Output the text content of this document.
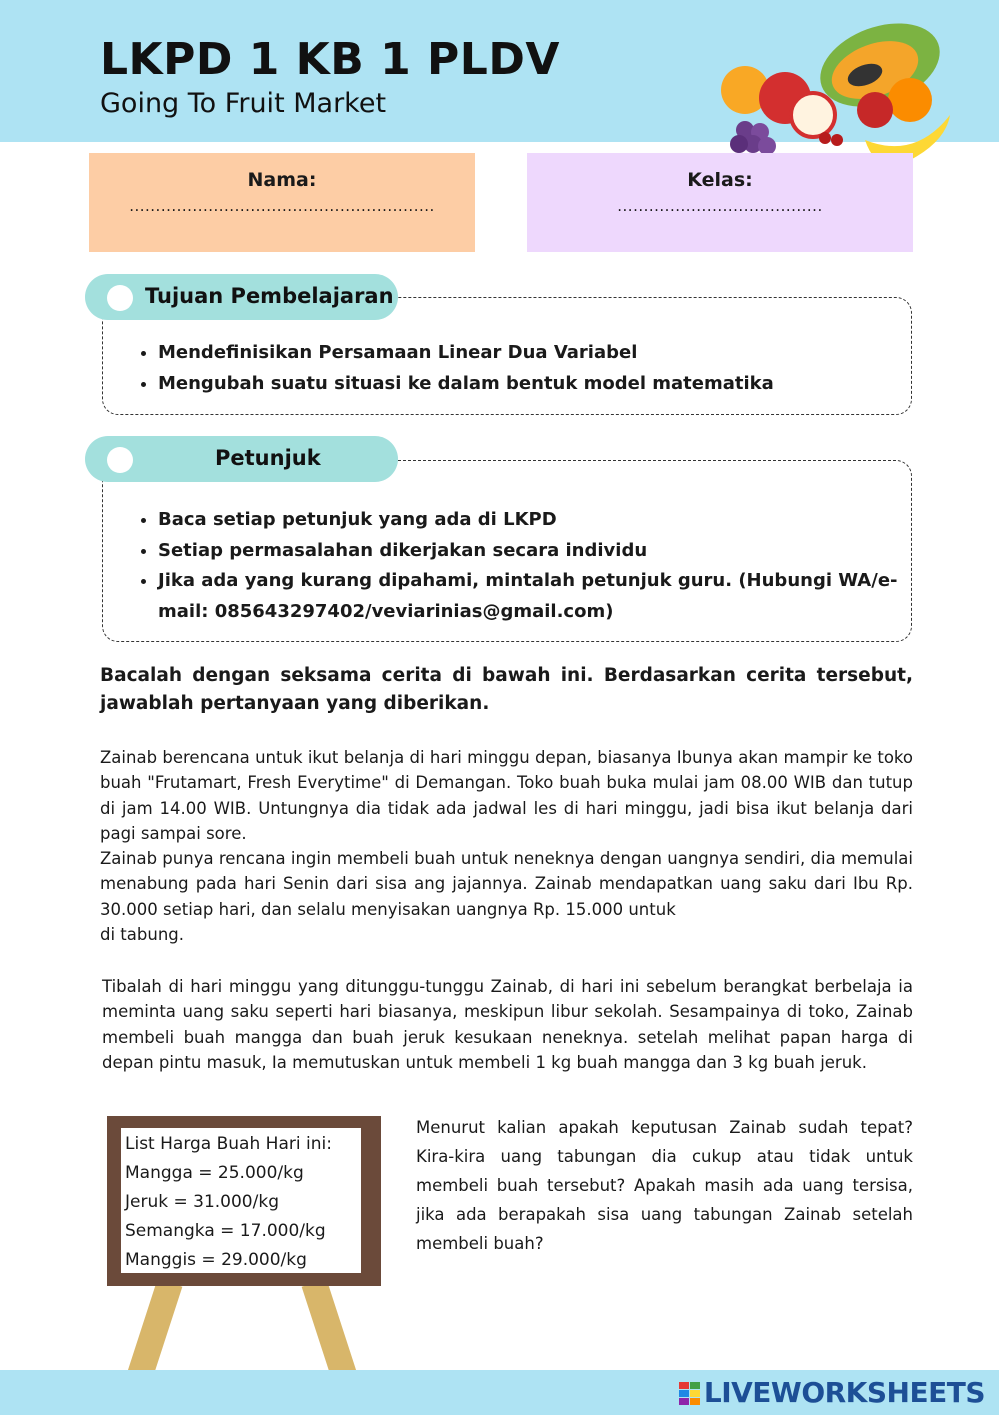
LKPD 1 KB 1 PLDV
Going To Fruit Market
Nama:
..........................................................
Kelas:
.......................................
• Mendefinisikan Persamaan Linear Dua Variabel
• Mengubah suatu situasi ke dalam bentuk model matematika
Tujuan Pembelajaran
• Baca setiap petunjuk yang ada di LKPD
• Setiap permasalahan dikerjakan secara individu
• Jika ada yang kurang dipahami, mintalah petunjuk guru. (Hubungi WA/e-mail: 085643297402/veviarinias@gmail.com)
Petunjuk
Bacalah dengan seksama cerita di bawah ini. Berdasarkan cerita tersebut, jawablah pertanyaan yang diberikan.

Zainab berencana untuk ikut belanja di hari minggu depan, biasanya Ibunya akan mampir ke toko buah "Frutamart, Fresh Everytime" di Demangan. Toko buah buka mulai jam 08.00 WIB dan tutup di jam 14.00 WIB. Untungnya dia tidak ada jadwal les di hari minggu, jadi bisa ikut belanja dari pagi sampai sore.

Zainab punya rencana ingin membeli buah untuk neneknya dengan uangnya sendiri, dia memulai menabung pada hari Senin dari sisa ang jajannya. Zainab mendapatkan uang saku dari Ibu Rp. 30.000 setiap hari, dan selalu menyisakan uangnya Rp. 15.000 untuk

di tabung.

Tibalah di hari minggu yang ditunggu-tunggu Zainab, di hari ini sebelum berangkat berbelaja ia meminta uang saku seperti hari biasanya, meskipun libur sekolah. Sesampainya di toko, Zainab membeli buah mangga dan buah jeruk kesukaan neneknya. setelah melihat papan harga di depan pintu masuk, Ia memutuskan untuk membeli 1 kg buah mangga dan 3 kg buah jeruk.

List Harga Buah Hari ini:
Mangga = 25.000/kg
Jeruk = 31.000/kg
Semangka = 17.000/kg
Manggis = 29.000/kg
Menurut kalian apakah keputusan Zainab sudah tepat? Kira-kira uang tabungan dia cukup atau tidak untuk membeli buah tersebut? Apakah masih ada uang tersisa, jika ada berapakah sisa uang tabungan Zainab setelah membeli buah?
LIVEWORKSHEETS
